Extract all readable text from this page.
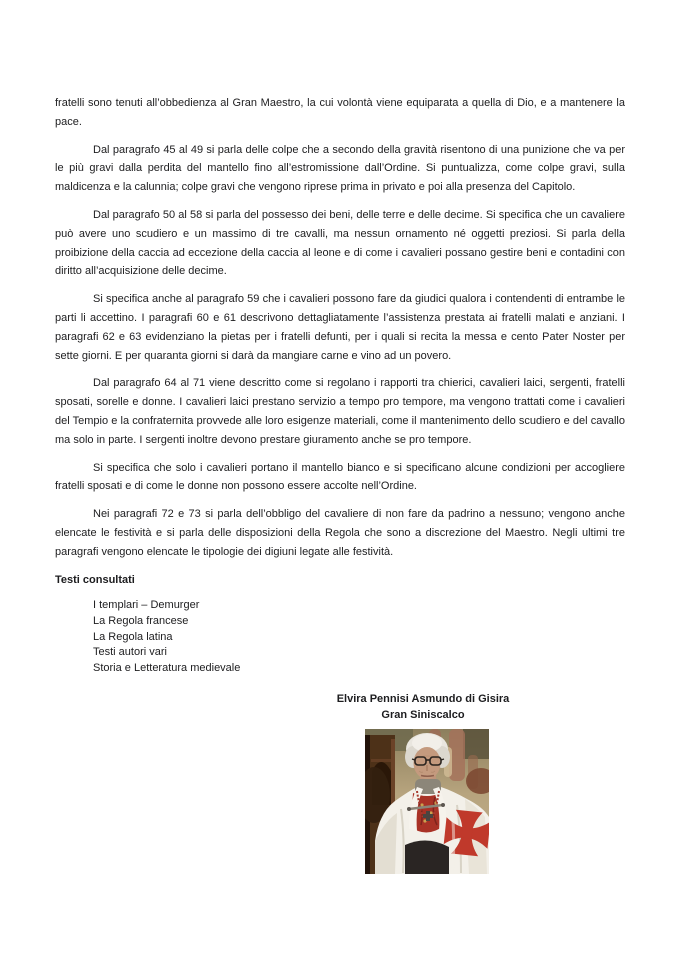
fratelli sono tenuti all’obbedienza al Gran Maestro, la cui volontà viene equiparata a quella di Dio, e a mantenere la pace.

Dal paragrafo 45 al 49 si parla delle colpe che a secondo della gravità risentono di una punizione che va per le più gravi dalla perdita del mantello fino all’estromissione dall’Ordine. Si puntualizza, come colpe gravi, sulla maldicenza e la calunnia; colpe gravi che vengono riprese prima in privato e poi alla presenza del Capitolo.

Dal paragrafo 50 al 58 si parla del possesso dei beni, delle terre e delle decime. Si specifica che un cavaliere può avere uno scudiero e un massimo di tre cavalli, ma nessun ornamento né oggetti preziosi. Si parla della proibizione della caccia ad eccezione della caccia al leone e di come i cavalieri possano gestire beni e contadini con diritto all’acquisizione delle decime.

Si specifica anche al paragrafo 59 che i cavalieri possono fare da giudici qualora i contendenti di entrambe le parti li accettino. I paragrafi 60 e 61 descrivono dettagliatamente l’assistenza prestata ai fratelli malati e anziani. I paragrafi 62 e 63 evidenziano la pietas per i fratelli defunti, per i quali si recita la messa e cento Pater Noster per sette giorni. E per quaranta giorni si darà da mangiare carne e vino ad un povero.

Dal paragrafo 64 al 71 viene descritto come si regolano i rapporti tra chierici, cavalieri laici, sergenti, fratelli sposati, sorelle e donne. I cavalieri laici prestano servizio a tempo pro tempore, ma vengono trattati come i cavalieri del Tempio e la confraternita provvede alle loro esigenze materiali, come il mantenimento dello scudiero e del cavallo ma solo in parte. I sergenti inoltre devono prestare giuramento anche se pro tempore.

Si specifica che solo i cavalieri portano il mantello bianco e si specificano alcune condizioni per accogliere fratelli sposati e di come le donne non possono essere accolte nell’Ordine.

Nei paragrafi 72 e 73 si parla dell’obbligo del cavaliere di non fare da padrino a nessuno; vengono anche elencate le festività e si parla delle disposizioni della Regola che sono a discrezione del Maestro. Negli ultimi tre paragrafi vengono elencate le tipologie dei digiuni legate alle festività.

Testi consultati

I templari – Demurger
La Regola francese
La Regola latina
Testi autori vari
Storia e Letteratura medievale
Elvira Pennisi Asmundo di Gisira
Gran Siniscalco
